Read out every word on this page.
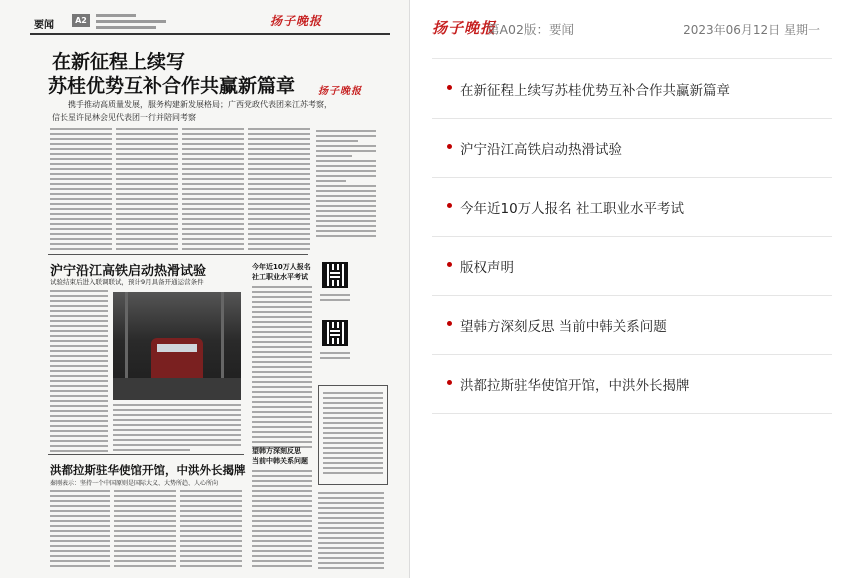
要闻	A2	扬子晚报
在新征程上续写
苏桂优势互补合作共赢新篇章
携手推动高质量发展，服务构建新发展格局；广西党政代表团来江苏考察，
信长星许昆林会见代表团一行并陪同考察
扬子晚报
沪宁沿江高铁启动热滑试验
试验结束后进入联调联试，预计9月具备开通运营条件
今年近10万人报名
社工职业水平考试
望韩方深刻反思
当前中韩关系问题
洪都拉斯驻华使馆开馆，中洪外长揭牌
秦刚表示：坚持一个中国原则是国际大义、大势所趋、人心所向
扬子晚报
第A02版：要闻	2023年06月12日 星期一
在新征程上续写苏桂优势互补合作共赢新篇章
沪宁沿江高铁启动热滑试验
今年近10万人报名 社工职业水平考试
版权声明
望韩方深刻反思 当前中韩关系问题
洪都拉斯驻华使馆开馆，中洪外长揭牌
